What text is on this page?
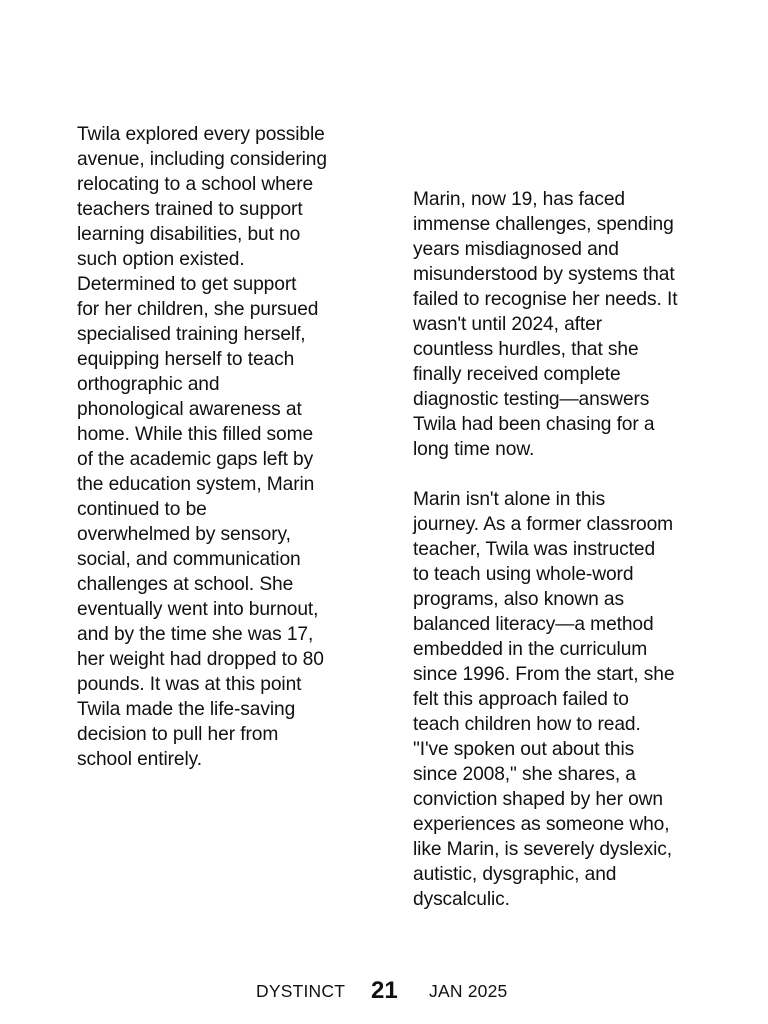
Twila explored every possible

avenue, including considering

relocating to a school where

teachers trained to support

learning disabilities, but no

such option existed.

Determined to get support

for her children, she pursued

specialised training herself,

equipping herself to teach

orthographic and

phonological awareness at

home. While this filled some

of the academic gaps left by

the education system, Marin

continued to be

overwhelmed by sensory,

social, and communication

challenges at school. She

eventually went into burnout,

and by the time she was 17,

her weight had dropped to 80

pounds. It was at this point

Twila made the life-saving

decision to pull her from

school entirely.

Marin, now 19, has faced

immense challenges, spending

years misdiagnosed and

misunderstood by systems that

failed to recognise her needs. It

wasn't until 2024, after

countless hurdles, that she

finally received complete

diagnostic testing—answers

Twila had been chasing for a

long time now.

Marin isn't alone in this

journey. As a former classroom

teacher, Twila was instructed

to teach using whole-word

programs, also known as

balanced literacy—a method

embedded in the curriculum

since 1996. From the start, she

felt this approach failed to

teach children how to read.

"I've spoken out about this

since 2008," she shares, a

conviction shaped by her own

experiences as someone who,

like Marin, is severely dyslexic,

autistic, dysgraphic, and

dyscalculic.

DYSTINCT 21 JAN 2025
